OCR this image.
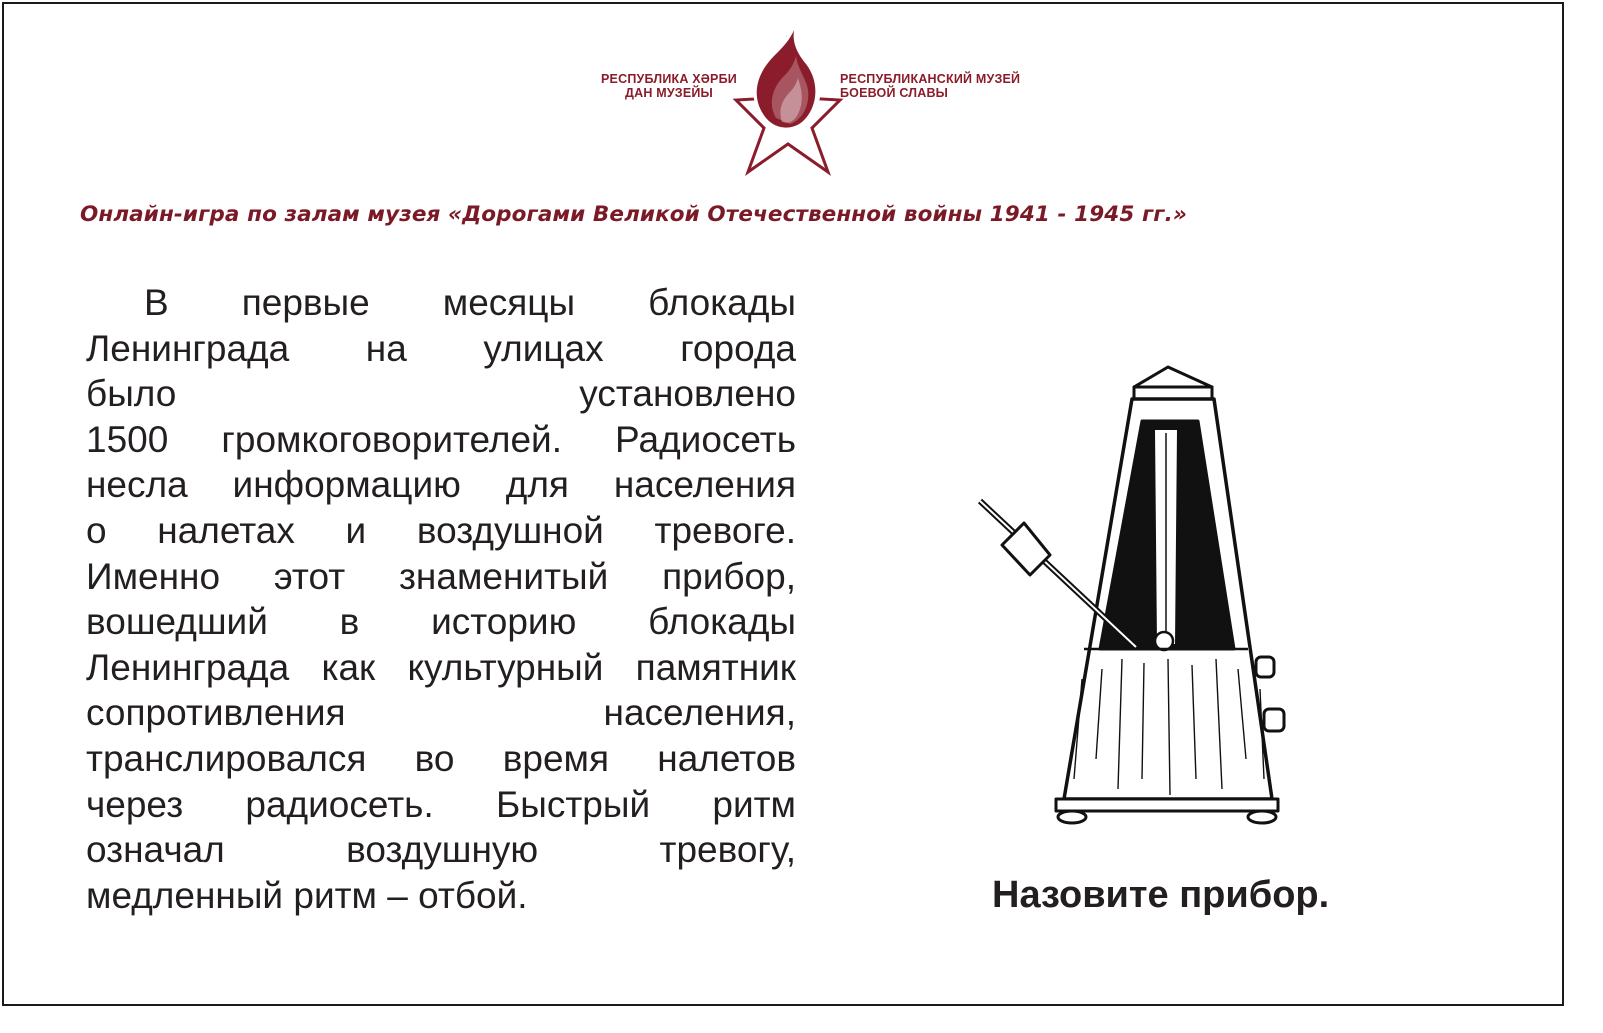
РЕСПУБЛИКА ХӘРБИ
ДАН МУЗЕЙЫ
РЕСПУБЛИКАНСКИЙ МУЗЕЙ
БОЕВОЙ СЛАВЫ
Онлайн-игра по залам музея «Дорогами Великой Отечественной войны 1941 - 1945 гг.»
В первые месяцы блокады
Ленинграда на улицах города
было установлено
1500 громкоговорителей. Радиосеть
несла информацию для населения
о налетах и воздушной тревоге.
Именно этот знаменитый прибор,
вошедший в историю блокады
Ленинграда как культурный памятник
сопротивления населения,
транслировался во время налетов
через радиосеть. Быстрый ритм
означал воздушную тревогу,
медленный ритм – отбой.	Назовите прибор.
